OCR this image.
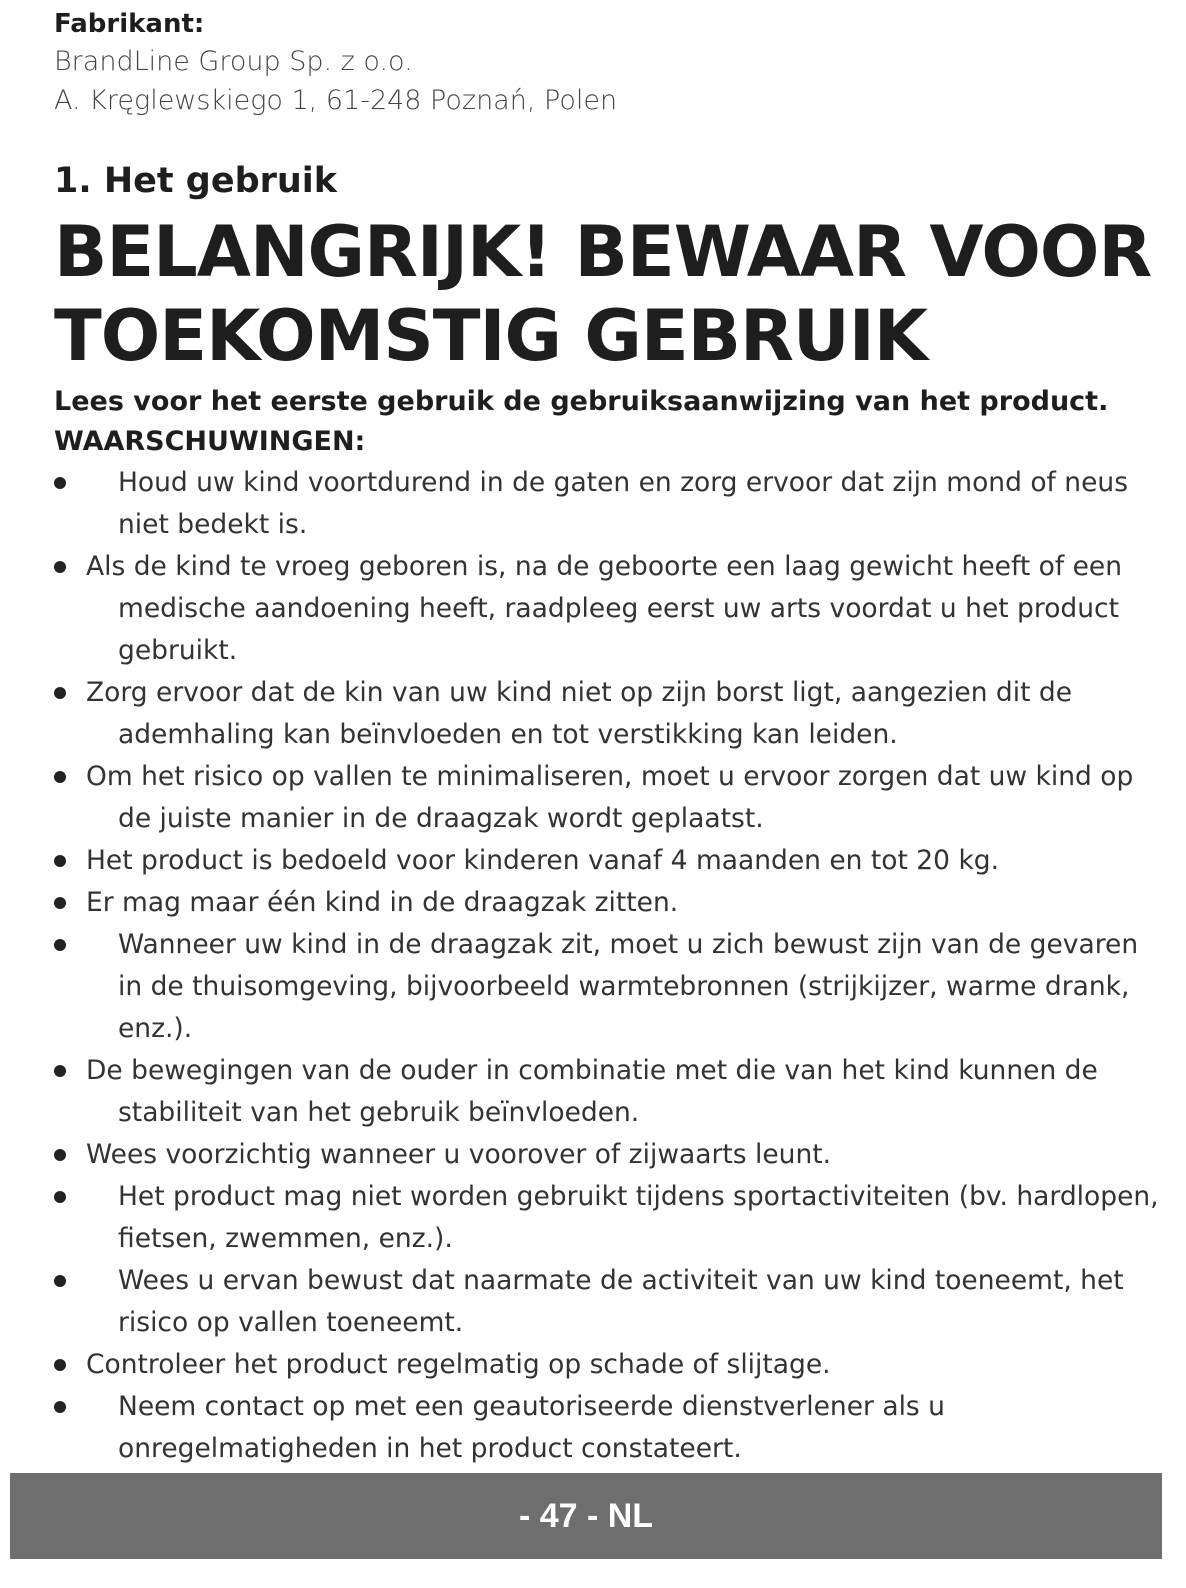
Fabrikant:
BrandLine Group Sp. z o.o.
A. Kręglewskiego 1, 61-248 Poznań, Polen
1. Het gebruik
BELANGRIJK! BEWAAR VOOR
TOEKOMSTIG GEBRUIK
Lees voor het eerste gebruik de gebruiksaanwijzing van het product.
WAARSCHUWINGEN:
Houd uw kind voortdurend in de gaten en zorg ervoor dat zijn mond of neus niet bedekt is.
Als de kind te vroeg geboren is, na de geboorte een laag gewicht heeft of een medische aandoening heeft, raadpleeg eerst uw arts voordat u het product gebruikt.
Zorg ervoor dat de kin van uw kind niet op zijn borst ligt, aangezien dit de ademhaling kan beïnvloeden en tot verstikking kan leiden.
Om het risico op vallen te minimaliseren, moet u ervoor zorgen dat uw kind op de juiste manier in de draagzak wordt geplaatst.
Het product is bedoeld voor kinderen vanaf 4 maanden en tot 20 kg.
Er mag maar één kind in de draagzak zitten.
Wanneer uw kind in de draagzak zit, moet u zich bewust zijn van de gevaren in de thuisomgeving, bijvoorbeeld warmtebronnen (strijkijzer, warme drank, enz.).
De bewegingen van de ouder in combinatie met die van het kind kunnen de stabiliteit van het gebruik beïnvloeden.
Wees voorzichtig wanneer u voorover of zijwaarts leunt.
Het product mag niet worden gebruikt tijdens sportactiviteiten (bv. hardlopen, fietsen, zwemmen, enz.).
Wees u ervan bewust dat naarmate de activiteit van uw kind toeneemt, het risico op vallen toeneemt.
Controleer het product regelmatig op schade of slijtage.
Neem contact op met een geautoriseerde dienstverlener als u onregelmatigheden in het product constateert.
- 47 - NL
